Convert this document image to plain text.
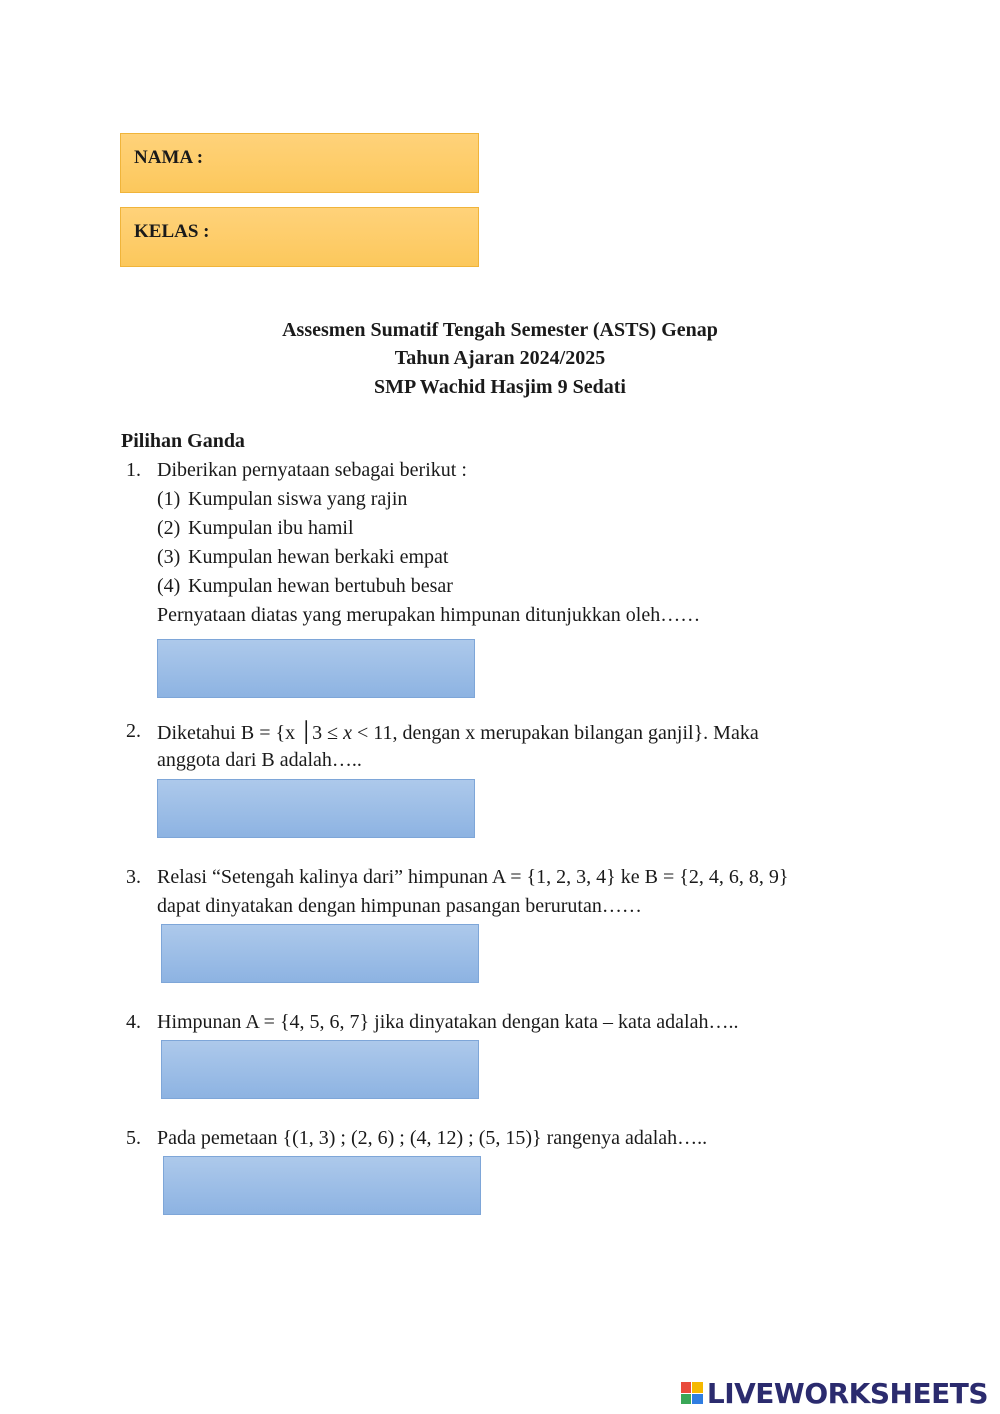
NAMA :
KELAS :
Assesmen Sumatif Tengah Semester (ASTS) Genap
Tahun Ajaran 2024/2025
SMP Wachid Hasjim 9 Sedati
Pilihan Ganda
1. Diberikan pernyataan sebagai berikut :
(1) Kumpulan siswa yang rajin
(2) Kumpulan ibu hamil
(3) Kumpulan hewan berkaki empat
(4) Kumpulan hewan bertubuh besar
Pernyataan diatas yang merupakan himpunan ditunjukkan oleh……
2. Diketahui B = {x │3 ≤ x < 11, dengan x merupakan bilangan ganjil}. Maka
anggota dari B adalah…..
3. Relasi “Setengah kalinya dari” himpunan A = {1, 2, 3, 4} ke B = {2, 4, 6, 8, 9}
dapat dinyatakan dengan himpunan pasangan berurutan……
4. Himpunan A = {4, 5, 6, 7} jika dinyatakan dengan kata – kata adalah…..
5. Pada pemetaan {(1, 3) ; (2, 6) ; (4, 12) ; (5, 15)} rangenya adalah…..
LIVEWORKSHEETS
